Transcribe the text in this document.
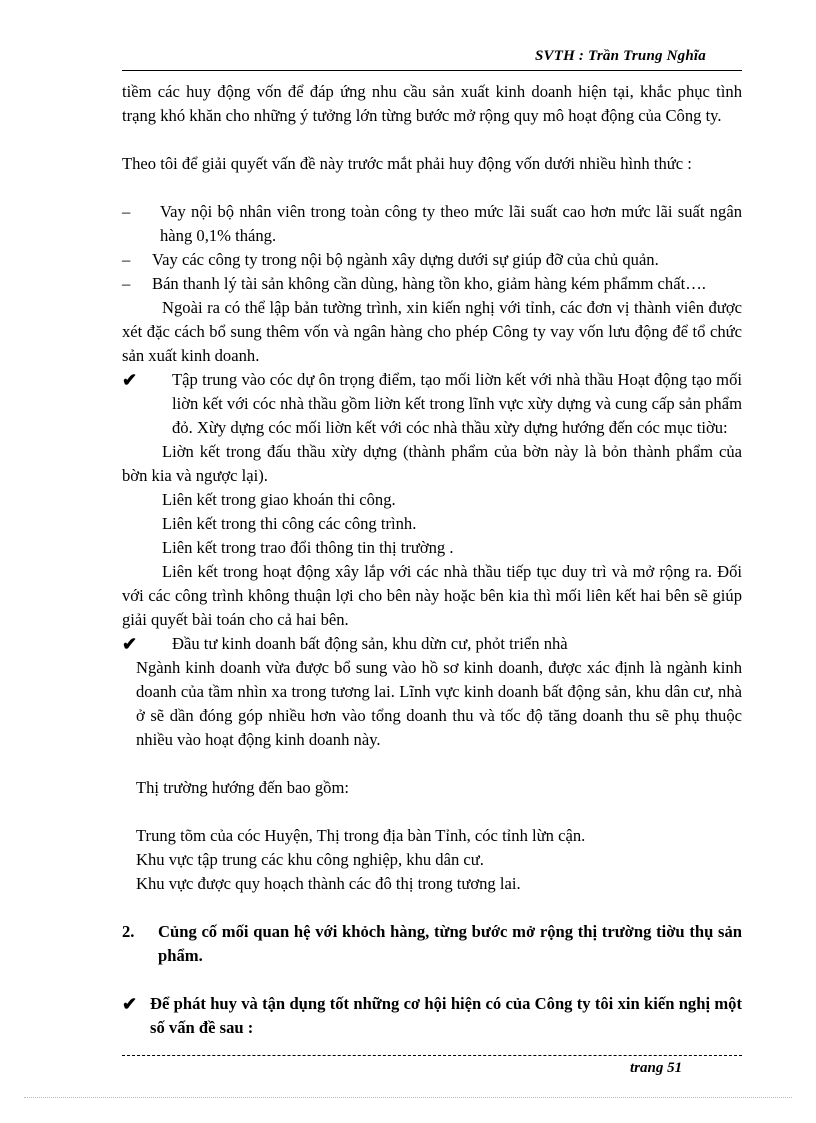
SVTH : Trần Trung Nghĩa

tiềm các huy động vốn để đáp ứng nhu cầu sản xuất kinh doanh hiện tại, khắc phục tình trạng khó khăn cho những ý tưởng lớn từng bước mở rộng quy mô hoạt động của Công ty.

Theo tôi để giải quyết vấn đề này trước mắt phải huy động vốn dưới nhiều hình thức :

–	Vay nội bộ nhân viên trong toàn công ty theo mức lãi suất cao hơn mức lãi suất ngân hàng 0,1% tháng.
–	Vay các công ty trong nội bộ ngành xây dựng dưới sự giúp đỡ của chủ quản.
–	Bán thanh lý tài sản không cần dùng, hàng tồn kho, giảm hàng kém phẩmm chất….

Ngoài ra có thể lập bản tường trình, xin kiến nghị với tỉnh, các đơn vị thành viên được xét đặc cách bổ sung thêm vốn và ngân hàng cho phép Công ty vay vốn lưu động để tổ chức sản xuất kinh doanh.

✔	Tập trung vào cóc dự ôn trọng điểm, tạo mối liờn kết với nhà thầu Hoạt động tạo mối liờn kết với cóc nhà thầu gồm liờn kết trong lĩnh vực xừy dựng và cung cấp sản phẩm đỏ. Xừy dựng cóc mối liờn kết với cóc nhà thầu xừy dựng hướng đến cóc mục tiờu:

Liờn kết trong đấu thầu xừy dựng (thành phẩm của bờn này là bỏn thành phẩm của bờn kia và ngược lại).

Liên kết trong giao khoán thi công.

Liên kết trong thi công các công trình.

Liên kết trong trao đổi thông tin thị trường .

Liên kết trong hoạt động xây lắp với các nhà thầu tiếp tục duy trì và mở rộng ra. Đối với các công trình không thuận lợi cho bên này hoặc bên kia thì mối liên kết hai bên sẽ giúp giải quyết bài toán cho cả hai bên.

✔	Đầu tư kinh doanh bất động sản, khu dừn cư, phỏt triển nhà

Ngành kinh doanh vừa được bổ sung vào hồ sơ kinh doanh, được xác định là ngành kinh doanh của tầm nhìn xa trong tương lai. Lĩnh vực kinh doanh bất động sản, khu dân cư, nhà ở sẽ dần đóng góp nhiều hơn vào tổng doanh thu và tốc độ tăng doanh thu sẽ phụ thuộc nhiều vào hoạt động kinh doanh này.

Thị trường hướng đến bao gồm:

Trung tõm của cóc Huyện, Thị trong địa bàn Tỉnh, cóc tỉnh lừn cận.

Khu vực tập trung các khu công nghiệp, khu dân cư.

Khu vực được quy hoạch thành các đô thị trong tương lai.

2.	Củng cố mối quan hệ với khỏch hàng, từng bước mở rộng thị trường tiờu thụ sản phẩm.
✔ Để phát huy và tận dụng tốt những cơ hội hiện có của Công ty tôi xin kiến nghị một số vấn đề sau :
trang 51
